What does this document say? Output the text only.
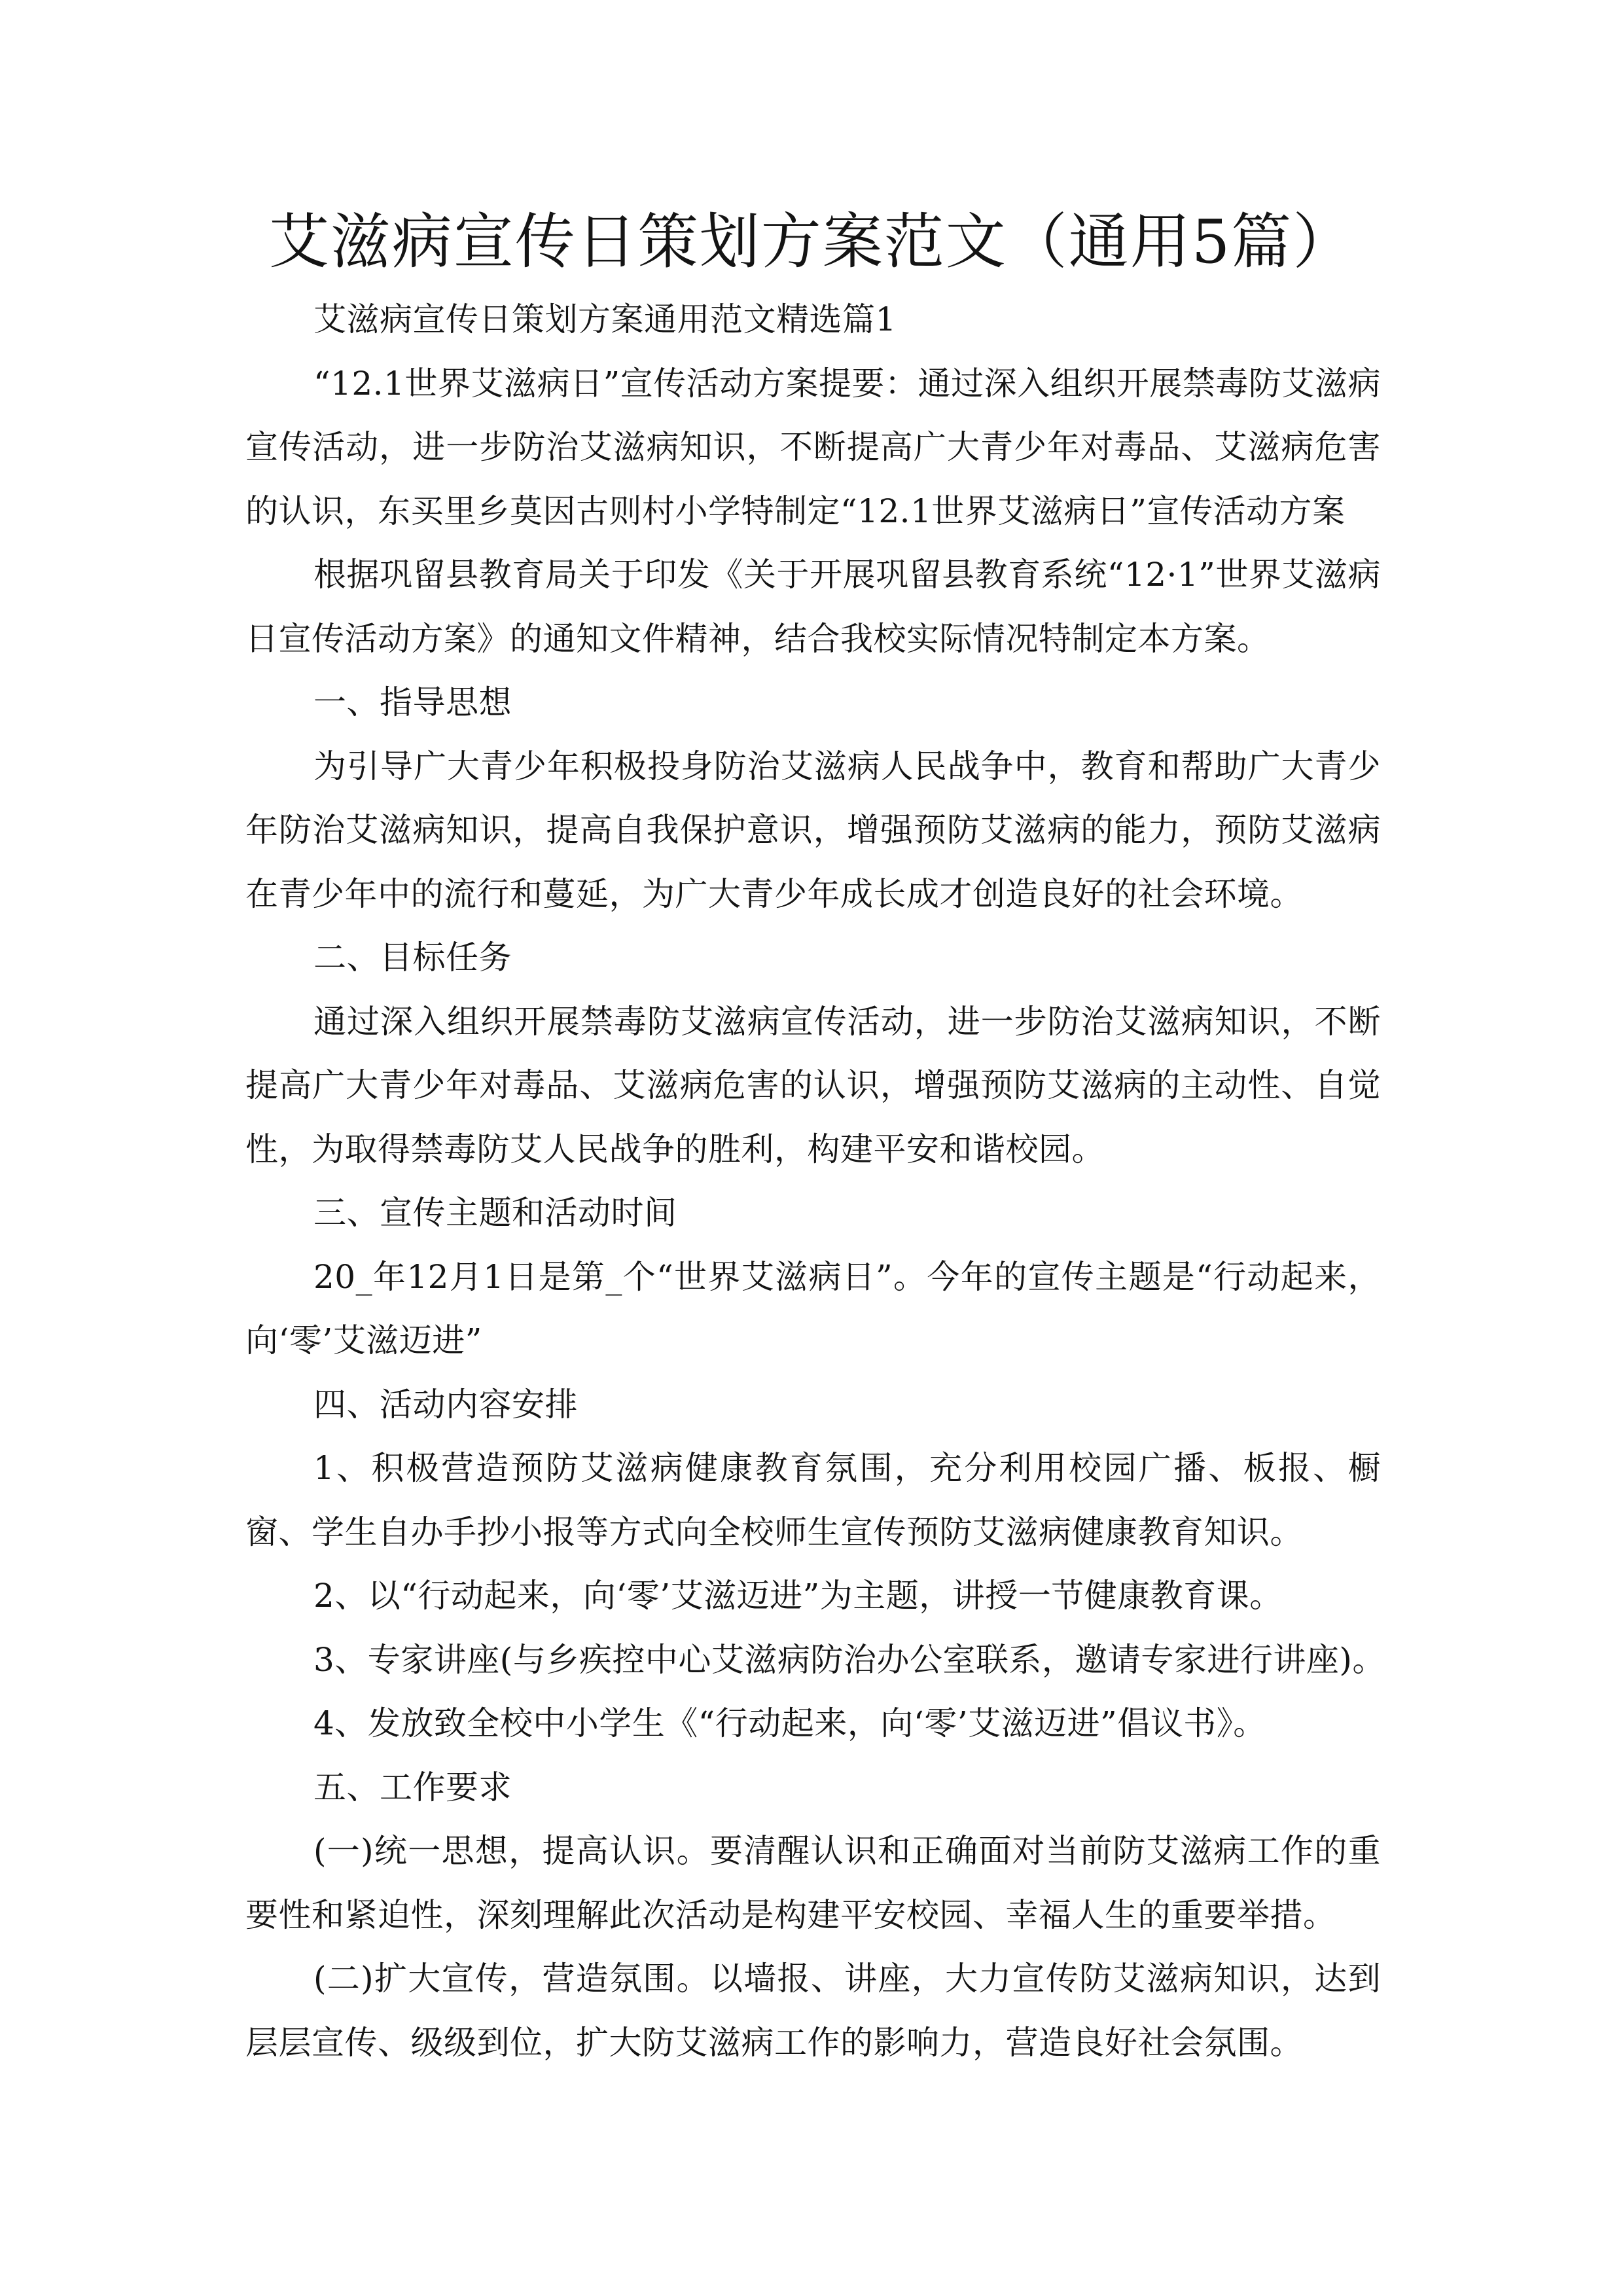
艾滋病宣传日策划方案范文（通用5篇）

艾滋病宣传日策划方案通用范文精选篇1

“12.1世界艾滋病日”宣传活动方案提要：通过深入组织开展禁毒防艾滋病宣传活动，进一步防治艾滋病知识，不断提高广大青少年对毒品、艾滋病危害的认识，东买里乡莫因古则村小学特制定“12.1世界艾滋病日”宣传活动方案

根据巩留县教育局关于印发《关于开展巩留县教育系统“12·1”世界艾滋病日宣传活动方案》的通知文件精神，结合我校实际情况特制定本方案。

一、指导思想

为引导广大青少年积极投身防治艾滋病人民战争中，教育和帮助广大青少年防治艾滋病知识，提高自我保护意识，增强预防艾滋病的能力，预防艾滋病在青少年中的流行和蔓延，为广大青少年成长成才创造良好的社会环境。

二、目标任务

通过深入组织开展禁毒防艾滋病宣传活动，进一步防治艾滋病知识，不断提高广大青少年对毒品、艾滋病危害的认识，增强预防艾滋病的主动性、自觉性，为取得禁毒防艾人民战争的胜利，构建平安和谐校园。

三、宣传主题和活动时间

20_年12月1日是第_个“世界艾滋病日”。今年的宣传主题是“行动起来，向‘零’艾滋迈进”

四、活动内容安排

1、积极营造预防艾滋病健康教育氛围，充分利用校园广播、板报、橱窗、学生自办手抄小报等方式向全校师生宣传预防艾滋病健康教育知识。

2、以“行动起来，向‘零’艾滋迈进”为主题，讲授一节健康教育课。

3、专家讲座(与乡疾控中心艾滋病防治办公室联系，邀请专家进行讲座)。

4、发放致全校中小学生《“行动起来，向‘零’艾滋迈进”倡议书》。

五、工作要求

(一)统一思想，提高认识。要清醒认识和正确面对当前防艾滋病工作的重要性和紧迫性，深刻理解此次活动是构建平安校园、幸福人生的重要举措。

(二)扩大宣传，营造氛围。以墙报、讲座，大力宣传防艾滋病知识，达到层层宣传、级级到位，扩大防艾滋病工作的影响力，营造良好社会氛围。
